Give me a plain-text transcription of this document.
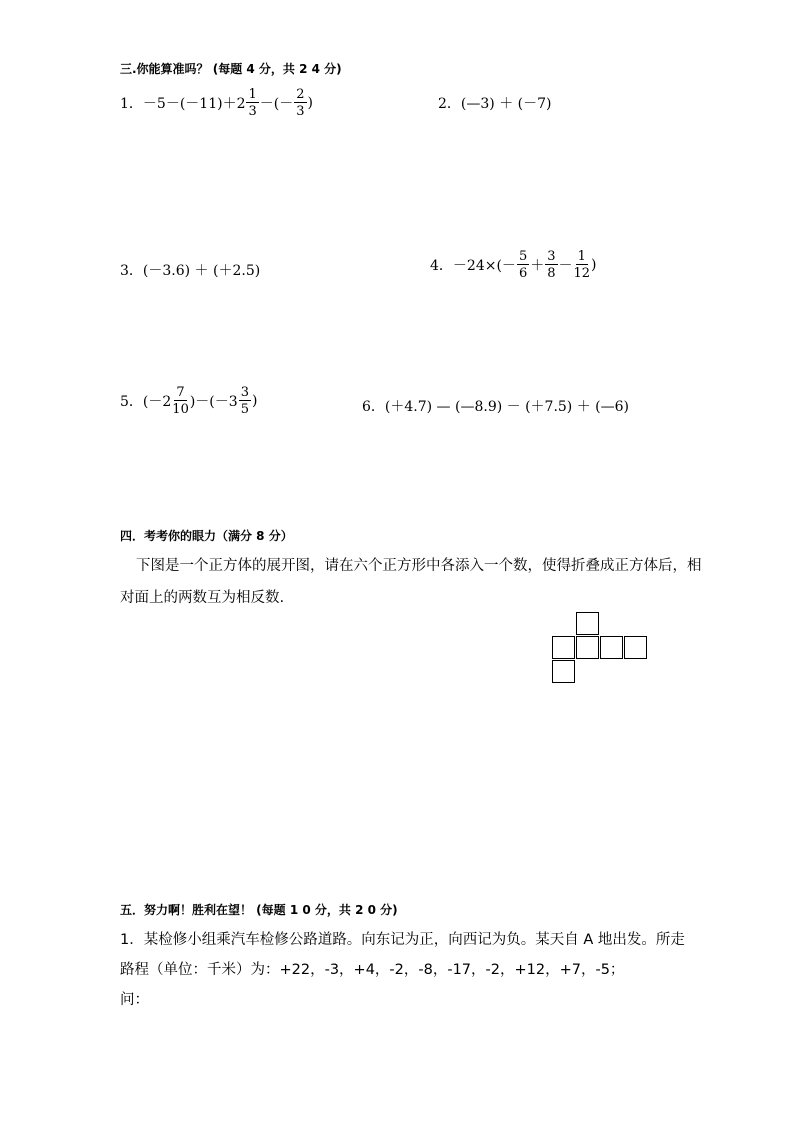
三.你能算准吗？ (每题 4 分，共 2 4 分)
1． $-5-(-11)+2 \frac{1}{3}$ －(－ $\frac{2}{3}$ )	2．(—3) ＋ (－7)
3．(－3.6) ＋ (＋2.5)	4． $-24\times(- \frac{5}{6} + \frac{3}{8} - \frac{1}{12}$ )
5． $(-2 \frac{7}{10} )-(-3 \frac{3}{5}$ )	6．(＋4.7) — (—8.9) － (＋7.5) ＋ (—6)
四．考考你的眼力（满分 8 分）
下图是一个正方体的展开图，请在六个正方形中各添入一个数，使得折叠成正方体后，相
对面上的两数互为相反数.
五．努力啊！胜利在望！ (每题 1 0 分，共 2 0 分)
1．某检修小组乘汽车检修公路道路。向东记为正，向西记为负。某天自 A 地出发。所走
路程（单位：千米）为：+22，-3，+4，-2，-8，-17，-2，+12，+7，-5；
问：
